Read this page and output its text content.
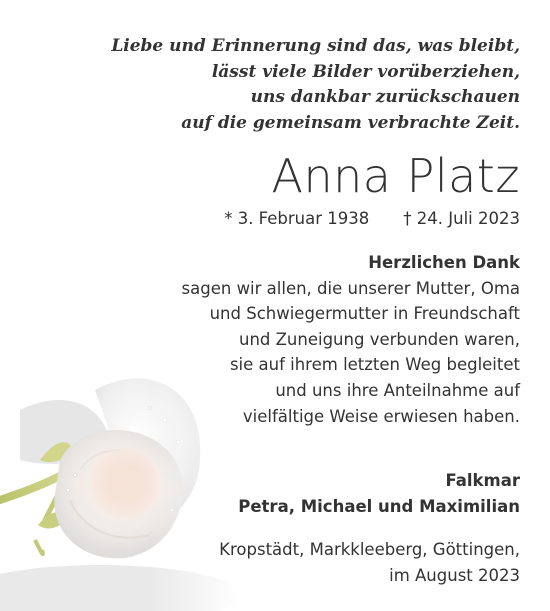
Liebe und Erinnerung sind das, was bleibt,
lässt viele Bilder vorüberziehen,
uns dankbar zurückschauen
auf die gemeinsam verbrachte Zeit.
Anna Platz
* 3. Februar 1938 † 24. Juli 2023
Herzlichen Dank
sagen wir allen, die unserer Mutter, Oma
und Schwiegermutter in Freundschaft
und Zuneigung verbunden waren,
sie auf ihrem letzten Weg begleitet
und uns ihre Anteilnahme auf
vielfältige Weise erwiesen haben.
Falkmar
Petra, Michael und Maximilian
Kropstädt, Markkleeberg, Göttingen,
im August 2023
